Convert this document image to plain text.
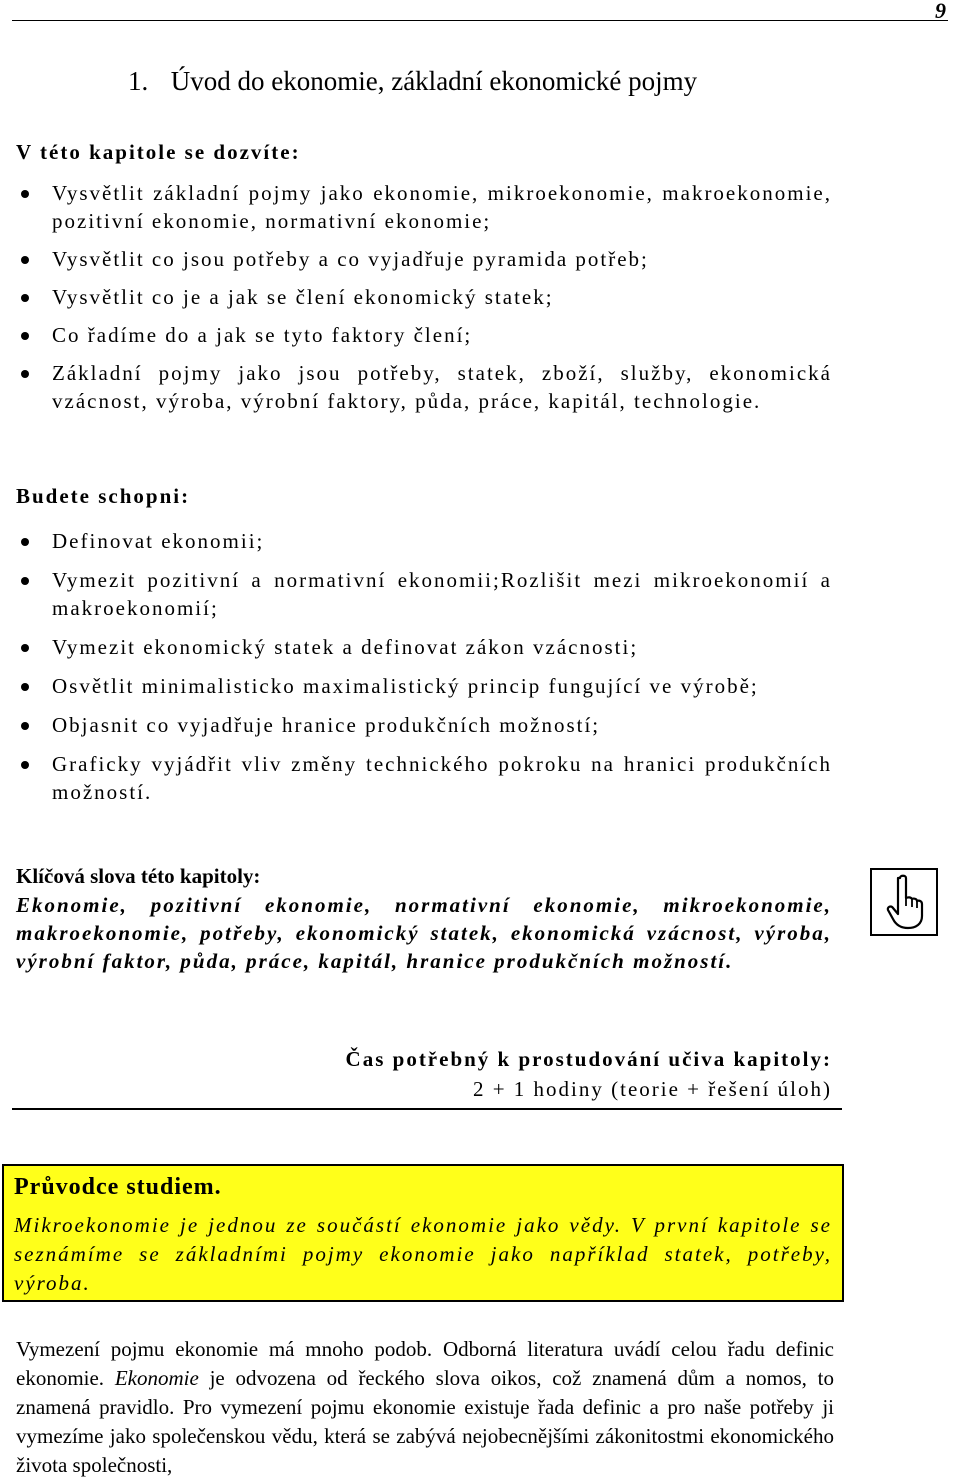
9
1. Úvod do ekonomie, základní ekonomické pojmy

V této kapitole se dozvíte:

Vysvětlit základní pojmy jako ekonomie, mikroekonomie, makroekonomie, pozitivní ekonomie, normativní ekonomie;
Vysvětlit co jsou potřeby a co vyjadřuje pyramida potřeb;
Vysvětlit co je a jak se člení ekonomický statek;
Co řadíme do a jak se tyto faktory člení;
Základní pojmy jako jsou potřeby, statek, zboží, služby, ekonomická vzácnost, výroba, výrobní faktory, půda, práce, kapitál, technologie.

Budete schopni:

Definovat ekonomii;
Vymezit pozitivní a normativní ekonomii;Rozlišit mezi mikroekonomií a makroekonomií;
Vymezit ekonomický statek a definovat zákon vzácnosti;
Osvětlit minimalisticko maximalistický princip fungující ve výrobě;
Objasnit co vyjadřuje hranice produkčních možností;
Graficky vyjádřit vliv změny technického pokroku na hranici produkčních možností.

Klíčová slova této kapitoly:

Ekonomie, pozitivní ekonomie, normativní ekonomie, mikroekonomie, makroekonomie, potřeby, ekonomický statek, ekonomická vzácnost, výroba, výrobní faktor, půda, práce, kapitál, hranice produkčních možností.

Čas potřebný k prostudování učiva kapitoly:
2 + 1 hodiny (teorie + řešení úloh)

Průvodce studiem.

Mikroekonomie je jednou ze součástí ekonomie jako vědy. V první kapitole se seznámíme se základními pojmy ekonomie jako například statek, potřeby, výroba.

Vymezení pojmu ekonomie má mnoho podob. Odborná literatura uvádí celou řadu definic ekonomie. Ekonomie je odvozena od řeckého slova oikos, což znamená dům a nomos, to znamená pravidlo. Pro vymezení pojmu ekonomie existuje řada definic a pro naše potřeby ji vymezíme jako společenskou vědu, která se zabývá nejobecnějšími zákonitostmi ekonomického života společnosti,
